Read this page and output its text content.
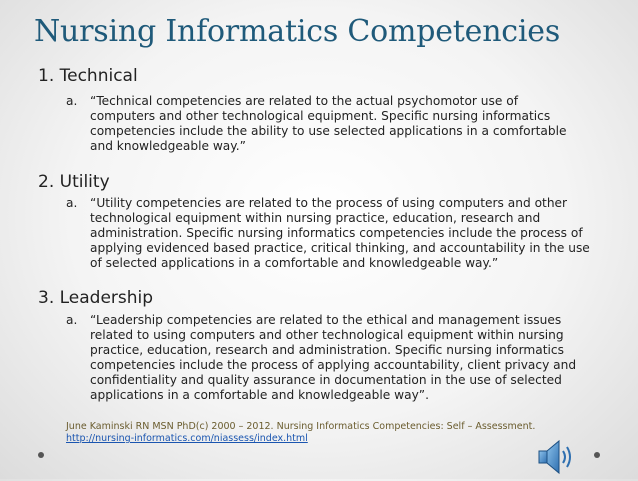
Nursing Informatics Competencies
1. Technical
a.	“Technical competencies are related to the actual psychomotor use of computers and other technological equipment. Specific nursing informatics competencies include the ability to use selected applications in a comfortable and knowledgeable way.”

2. Utility
a.	“Utility competencies are related to the process of using computers and other technological equipment within nursing practice, education, research and administration. Specific nursing informatics competencies include the process of applying evidenced based practice, critical thinking, and accountability in the use of selected applications in a comfortable and knowledgeable way.”

3. Leadership
a.	“Leadership competencies are related to the ethical and management issues related to using computers and other technological equipment within nursing practice, education, research and administration. Specific nursing informatics competencies include the process of applying accountability, client privacy and confidentiality and quality assurance in documentation in the use of selected applications in a comfortable and knowledgeable way”.

June Kaminski RN MSN PhD(c) 2000 – 2012. Nursing Informatics Competencies: Self – Assessment. http://nursing-informatics.com/niassess/index.html
